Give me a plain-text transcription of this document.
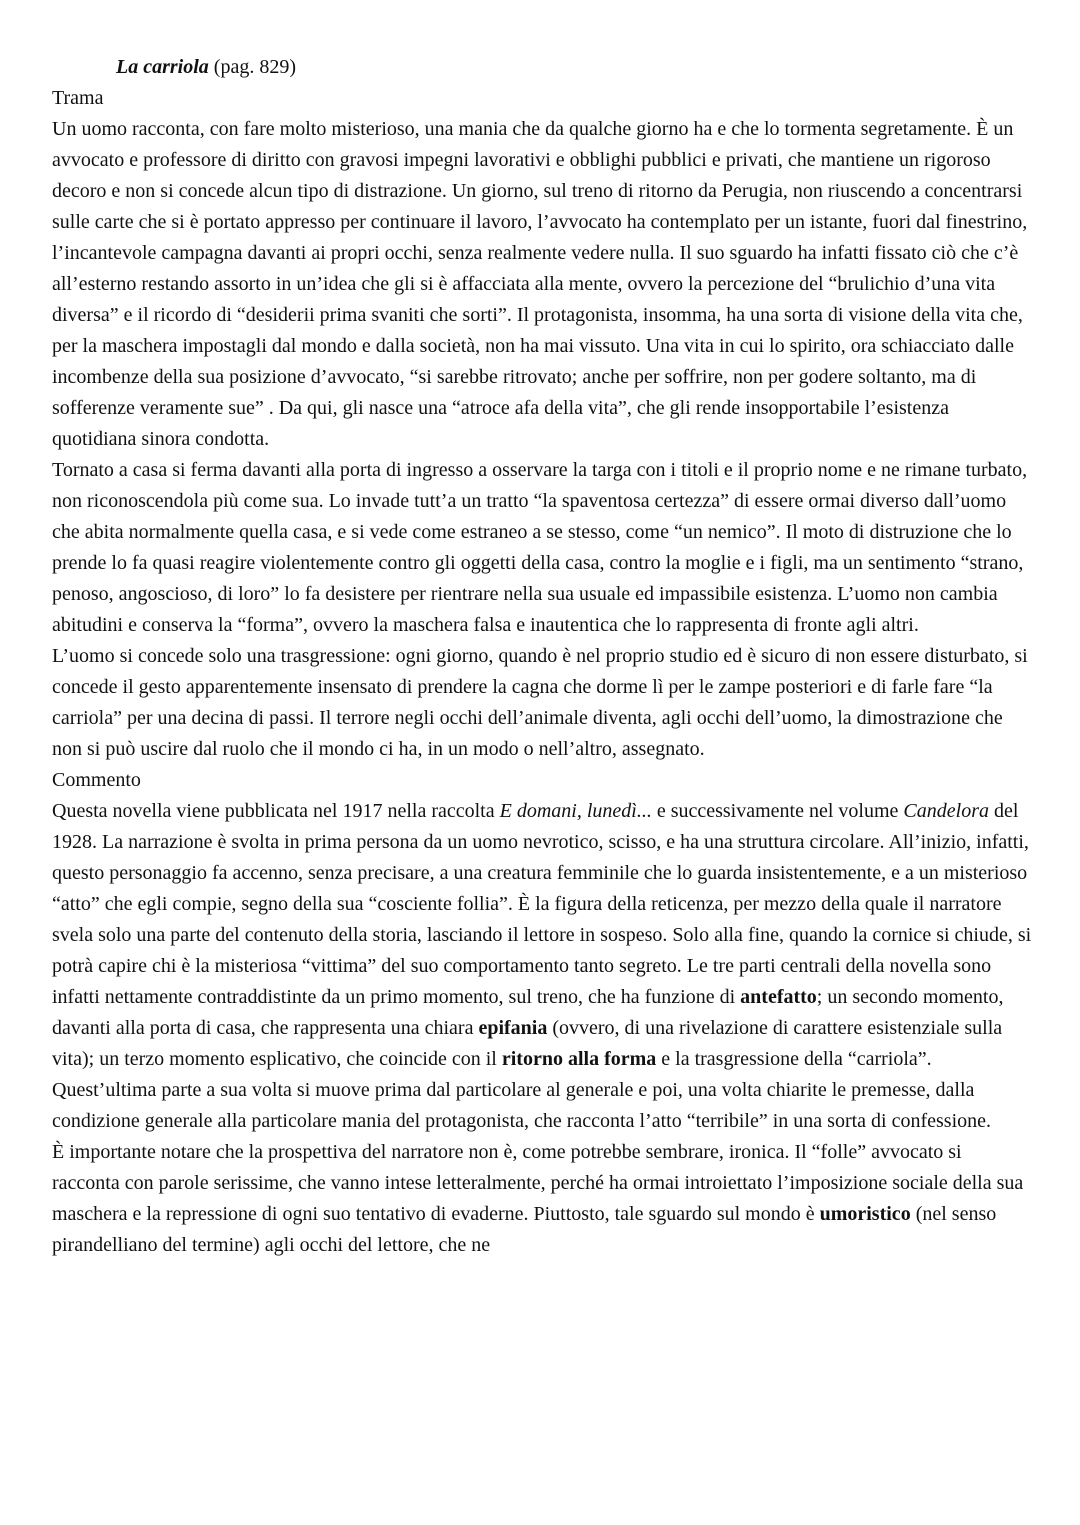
La carriola (pag. 829)
Trama

Un uomo racconta, con fare molto misterioso, una mania che da qualche giorno ha e che lo tormenta segretamente. È un avvocato e professore di diritto con gravosi impegni lavorativi e obblighi pubblici e privati, che mantiene un rigoroso decoro e non si concede alcun tipo di distrazione. Un giorno, sul treno di ritorno da Perugia, non riuscendo a concentrarsi sulle carte che si è portato appresso per continuare il lavoro, l’avvocato ha contemplato per un istante, fuori dal finestrino, l’incantevole campagna davanti ai propri occhi, senza realmente vedere nulla. Il suo sguardo ha infatti fissato ciò che c’è all’esterno restando assorto in un’idea che gli si è affacciata alla mente, ovvero la percezione del “brulichio d’una vita diversa” e il ricordo di “desiderii prima svaniti che sorti”. Il protagonista, insomma, ha una sorta di visione della vita che, per la maschera impostagli dal mondo e dalla società, non ha mai vissuto. Una vita in cui lo spirito, ora schiacciato dalle incombenze della sua posizione d’avvocato, “si sarebbe ritrovato; anche per soffrire, non per godere soltanto, ma di sofferenze veramente sue” . Da qui, gli nasce una “atroce afa della vita”, che gli rende insopportabile l’esistenza quotidiana sinora condotta.

Tornato a casa si ferma davanti alla porta di ingresso a osservare la targa con i titoli e il proprio nome e ne rimane turbato, non riconoscendola più come sua. Lo invade tutt’a un tratto “la spaventosa certezza” di essere ormai diverso dall’uomo che abita normalmente quella casa, e si vede come estraneo a se stesso, come “un nemico”. Il moto di distruzione che lo prende lo fa quasi reagire violentemente contro gli oggetti della casa, contro la moglie e i figli, ma un sentimento “strano, penoso, angoscioso, di loro” lo fa desistere per rientrare nella sua usuale ed impassibile esistenza. L’uomo non cambia abitudini e conserva la “forma”, ovvero la maschera falsa e inautentica che lo rappresenta di fronte agli altri.

L’uomo si concede solo una trasgressione: ogni giorno, quando è nel proprio studio ed è sicuro di non essere disturbato, si concede il gesto apparentemente insensato di prendere la cagna che dorme lì per le zampe posteriori e di farle fare “la carriola” per una decina di passi. Il terrore negli occhi dell’animale diventa, agli occhi dell’uomo, la dimostrazione che non si può uscire dal ruolo che il mondo ci ha, in un modo o nell’altro, assegnato.

Commento

Questa novella viene pubblicata nel 1917 nella raccolta E domani, lunedì... e successivamente nel volume Candelora del 1928. La narrazione è svolta in prima persona da un uomo nevrotico, scisso, e ha una struttura circolare. All’inizio, infatti, questo personaggio fa accenno, senza precisare, a una creatura femminile che lo guarda insistentemente, e a un misterioso “atto” che egli compie, segno della sua “cosciente follia”. È la figura della reticenza, per mezzo della quale il narratore svela solo una parte del contenuto della storia, lasciando il lettore in sospeso. Solo alla fine, quando la cornice si chiude, si potrà capire chi è la misteriosa “vittima” del suo comportamento tanto segreto. Le tre parti centrali della novella sono infatti nettamente contraddistinte da un primo momento, sul treno, che ha funzione di antefatto; un secondo momento, davanti alla porta di casa, che rappresenta una chiara epifania (ovvero, di una rivelazione di carattere esistenziale sulla vita); un terzo momento esplicativo, che coincide con il ritorno alla forma e la trasgressione della “carriola”. Quest’ultima parte a sua volta si muove prima dal particolare al generale e poi, una volta chiarite le premesse, dalla condizione generale alla particolare mania del protagonista, che racconta l’atto “terribile” in una sorta di confessione.

È importante notare che la prospettiva del narratore non è, come potrebbe sembrare, ironica. Il “folle” avvocato si racconta con parole serissime, che vanno intese letteralmente, perché ha ormai introiettato l’imposizione sociale della sua maschera e la repressione di ogni suo tentativo di evaderne. Piuttosto, tale sguardo sul mondo è umoristico (nel senso pirandelliano del termine) agli occhi del lettore, che ne
